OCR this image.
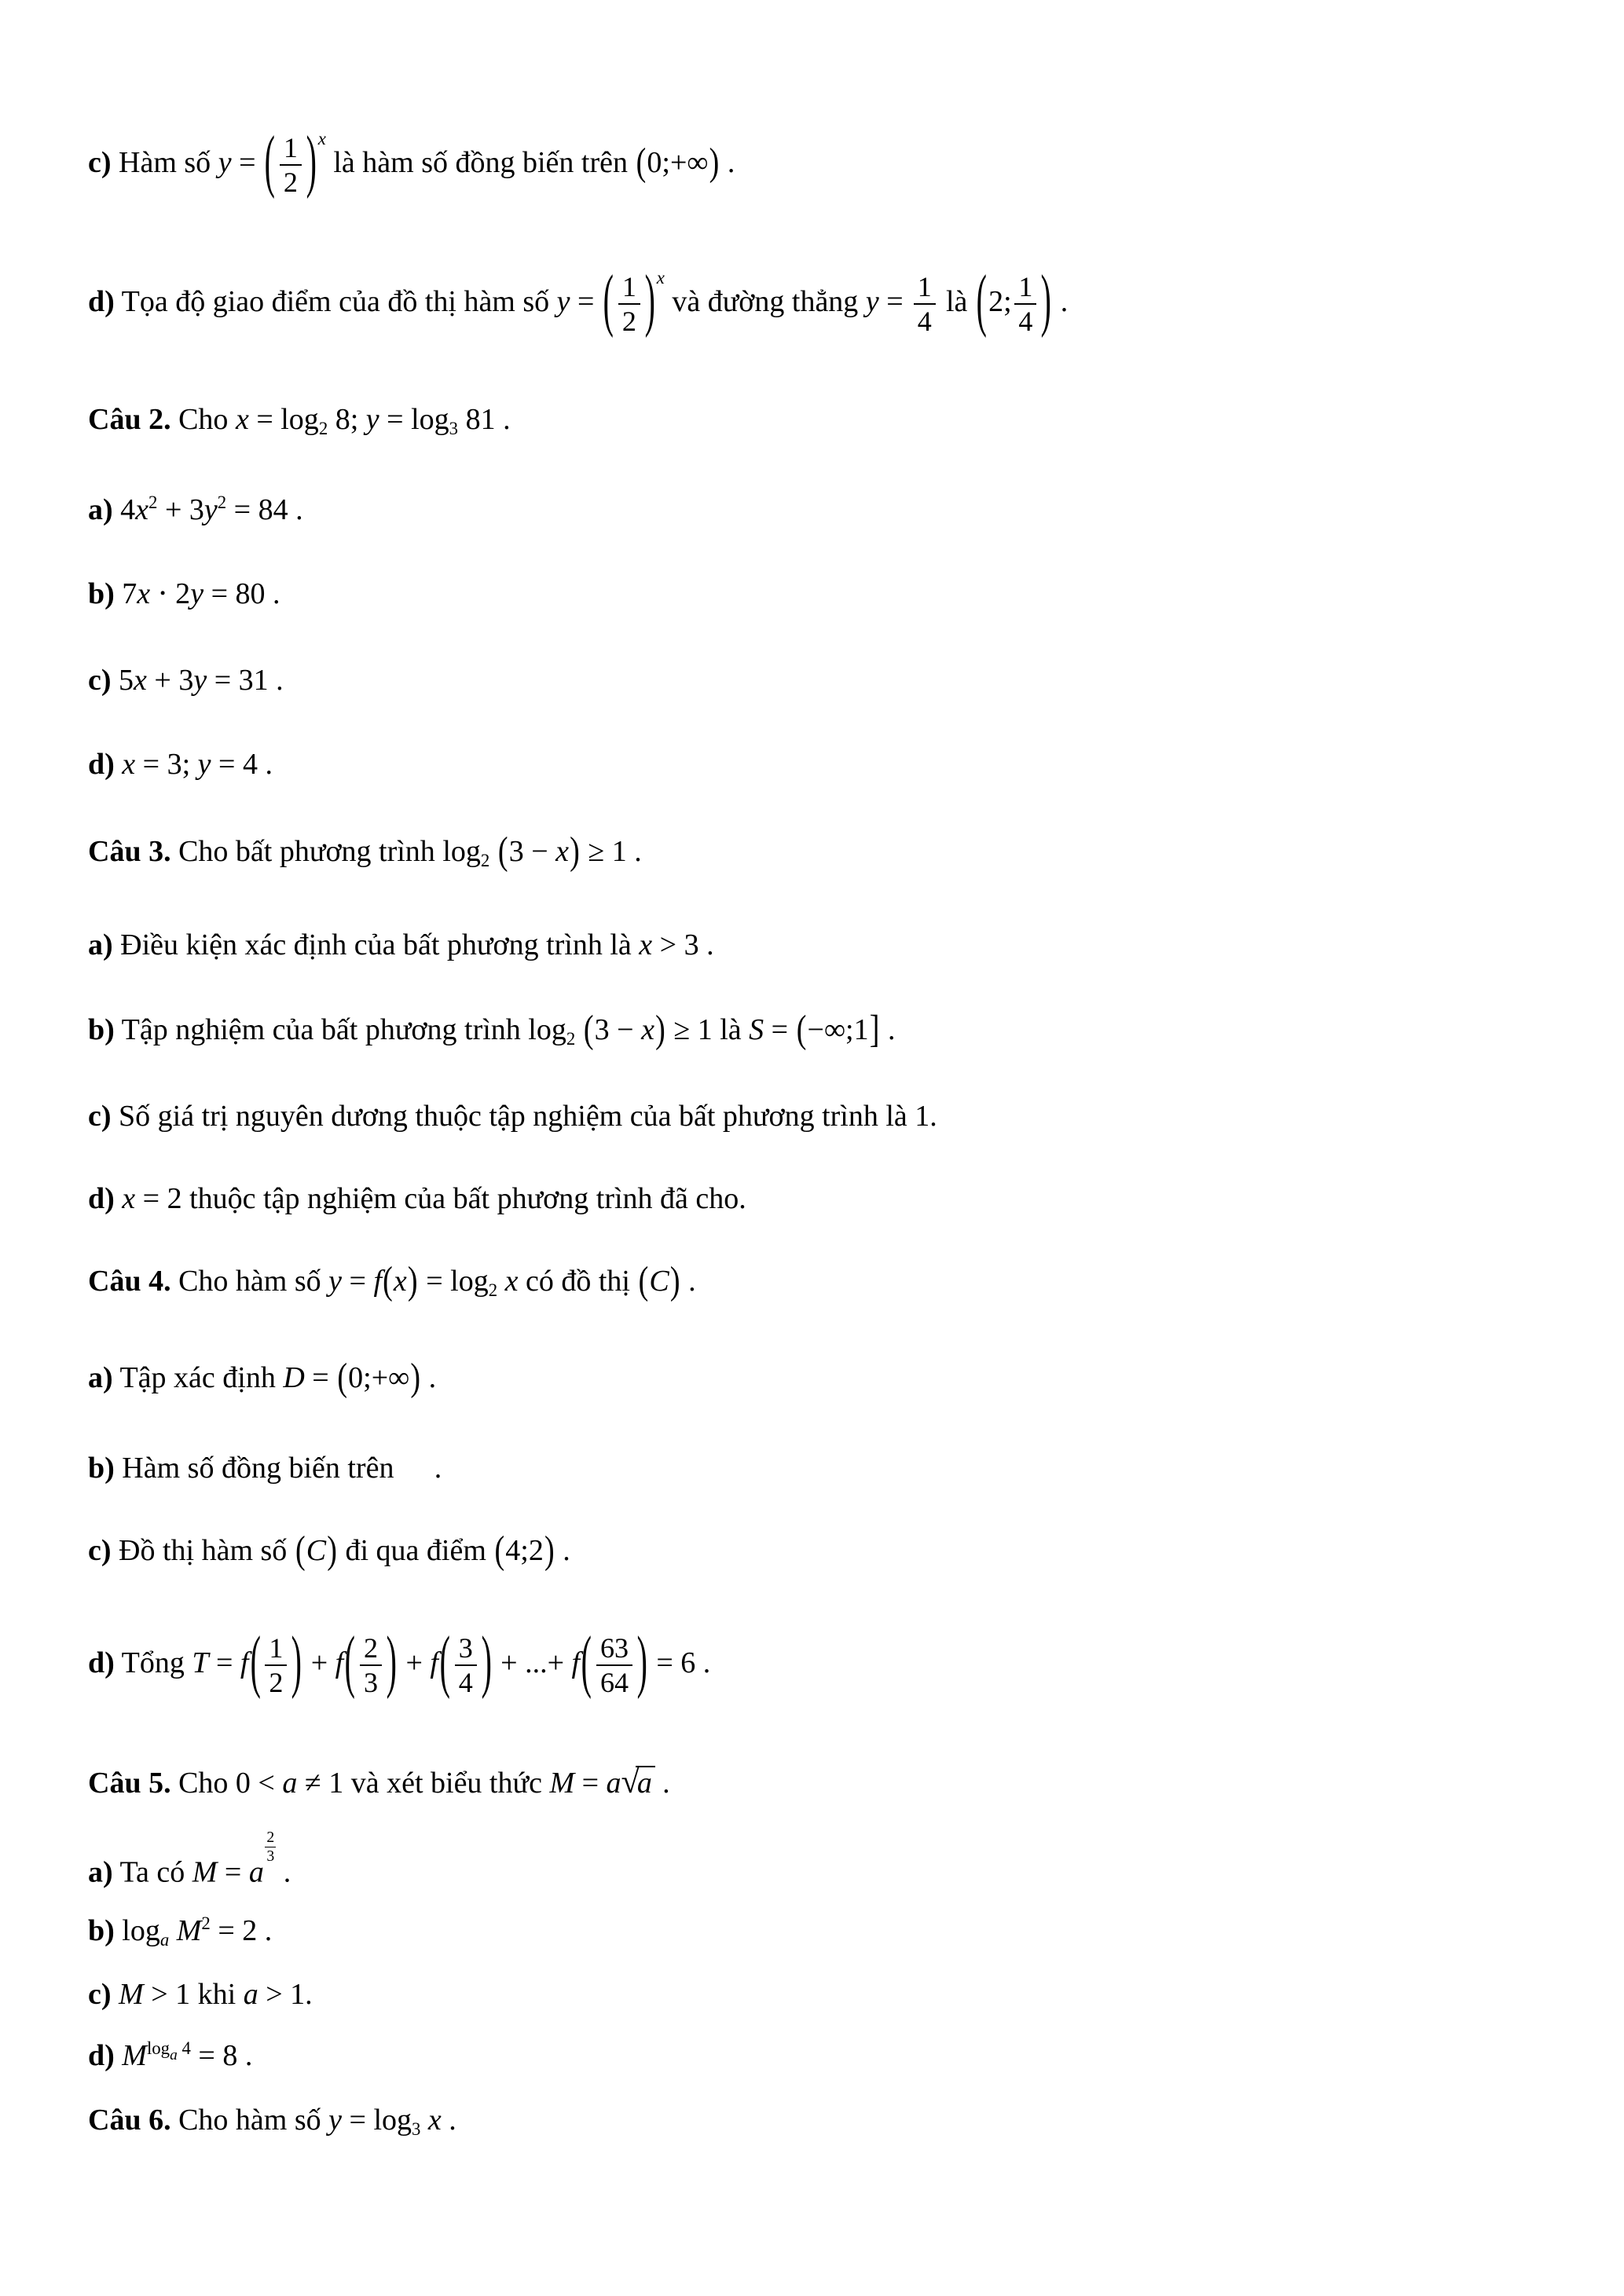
c) Hàm số y = ( $\frac{1}{2} )^x$ là hàm số đồng biến trên (0;+∞) .
d) Tọa độ giao điểm của đồ thị hàm số y = ( $\frac{1}{2} )^x$ và đường thẳng $y = \frac{1}{4}$ là (2; $\frac{1}{4}$ ) .
Câu 2. Cho x = log2 8; y = log3 81 .
a) $4x^2 + 3y^2 = 84$ .
b) 7x ⋅ 2y = 80 .
c) 5x + 3y = 31 .
d) x = 3; y = 4 .
Câu 3. Cho bất phương trình log2 (3 − x) ≥ 1 .
a) Điều kiện xác định của bất phương trình là x > 3 .
b) Tập nghiệm của bất phương trình log2 (3 − x) ≥ 1 là S = (−∞;1] .
c) Số giá trị nguyên dương thuộc tập nghiệm của bất phương trình là 1.
d) x = 2 thuộc tập nghiệm của bất phương trình đã cho.
Câu 4. Cho hàm số y = f(x) = log2 x có đồ thị (C) .
a) Tập xác định D = (0;+∞) .
b) Hàm số đồng biến trên .
c) Đồ thị hàm số (C) đi qua điểm (4;2) .
d) Tổng $T = f( \frac{1}{2}$ ) + $f( \frac{2}{3}$ ) + $f( \frac{3}{4}$ ) + ...+ $f( \frac{63}{64}$ ) = 6 .
Câu 5. Cho 0 < a ≠ 1 và xét biểu thức M = a√a .
a) Ta có M = a
$\frac{2}{3}$
.
b) loga $M^2 = 2$ .
c) M > 1 khi a > 1.
d) $M^{log_a 4} = 8$ .
Câu 6. Cho hàm số y = log3 x .
